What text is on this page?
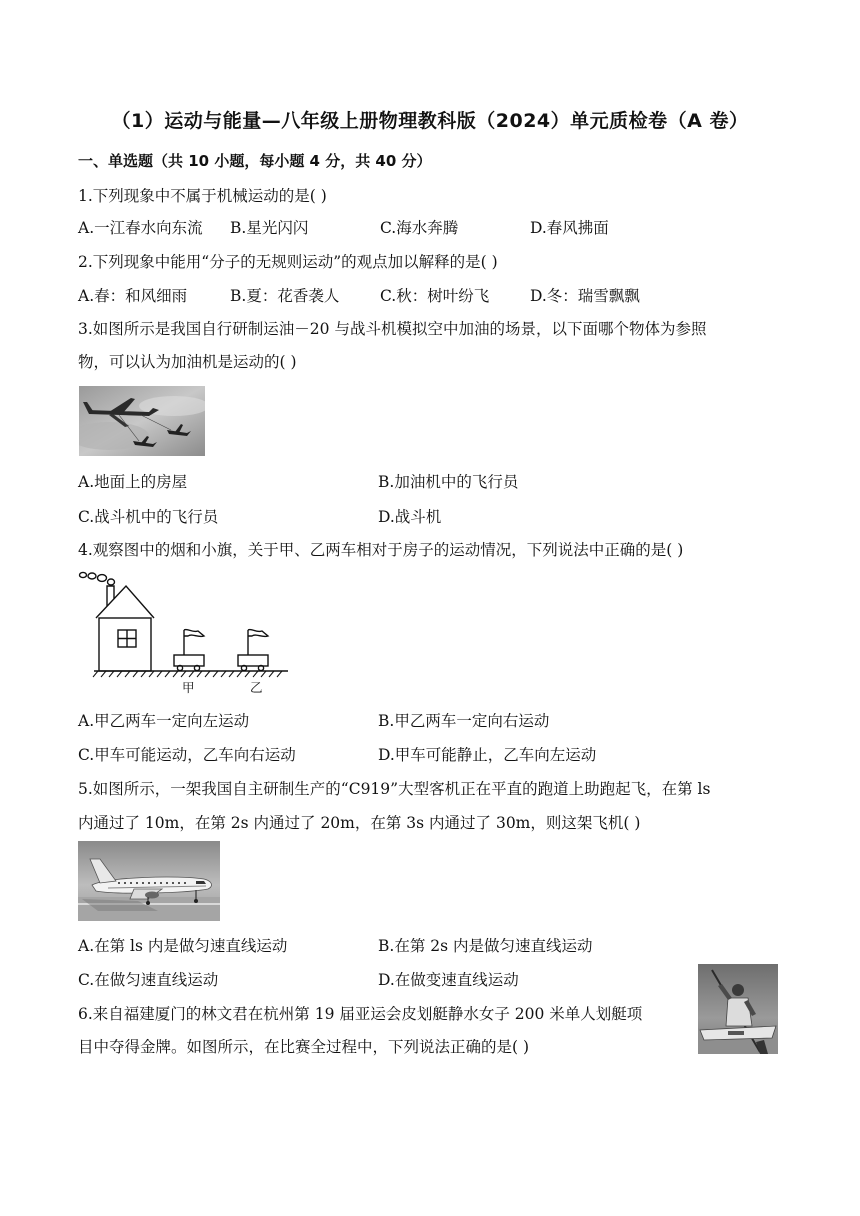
（1）运动与能量—八年级上册物理教科版（2024）单元质检卷（A 卷）
一、单选题（共 10 小题，每小题 4 分，共 40 分）
1.下列现象中不属于机械运动的是( )
A.一江春水向东流 B.星光闪闪	C.海水奔腾	D.春风拂面
2.下列现象中能用“分子的无规则运动”的观点加以解释的是( )
A.春：和风细雨	B.夏：花香袭人	C.秋：树叶纷飞	D.冬：瑞雪飘飘
3.如图所示是我国自行研制运油－20 与战斗机模拟空中加油的场景，以下面哪个物体为参照
物，可以认为加油机是运动的( )
A.地面上的房屋	B.加油机中的飞行员
C.战斗机中的飞行员	D.战斗机
4.观察图中的烟和小旗，关于甲、乙两车相对于房子的运动情况，下列说法中正确的是( )
甲	乙
A.甲乙两车一定向左运动	B.甲乙两车一定向右运动
C.甲车可能运动，乙车向右运动	D.甲车可能静止，乙车向左运动
5.如图所示，一架我国自主研制生产的“C919”大型客机正在平直的跑道上助跑起飞，在第 ls
内通过了 10m，在第 2s 内通过了 20m，在第 3s 内通过了 30m，则这架飞机( )
A.在第 ls 内是做匀速直线运动	B.在第 2s 内是做匀速直线运动
C.在做匀速直线运动	D.在做变速直线运动
6.来自福建厦门的林文君在杭州第 19 届亚运会皮划艇静水女子 200 米单人划艇项
目中夺得金牌。如图所示，在比赛全过程中，下列说法正确的是( )
